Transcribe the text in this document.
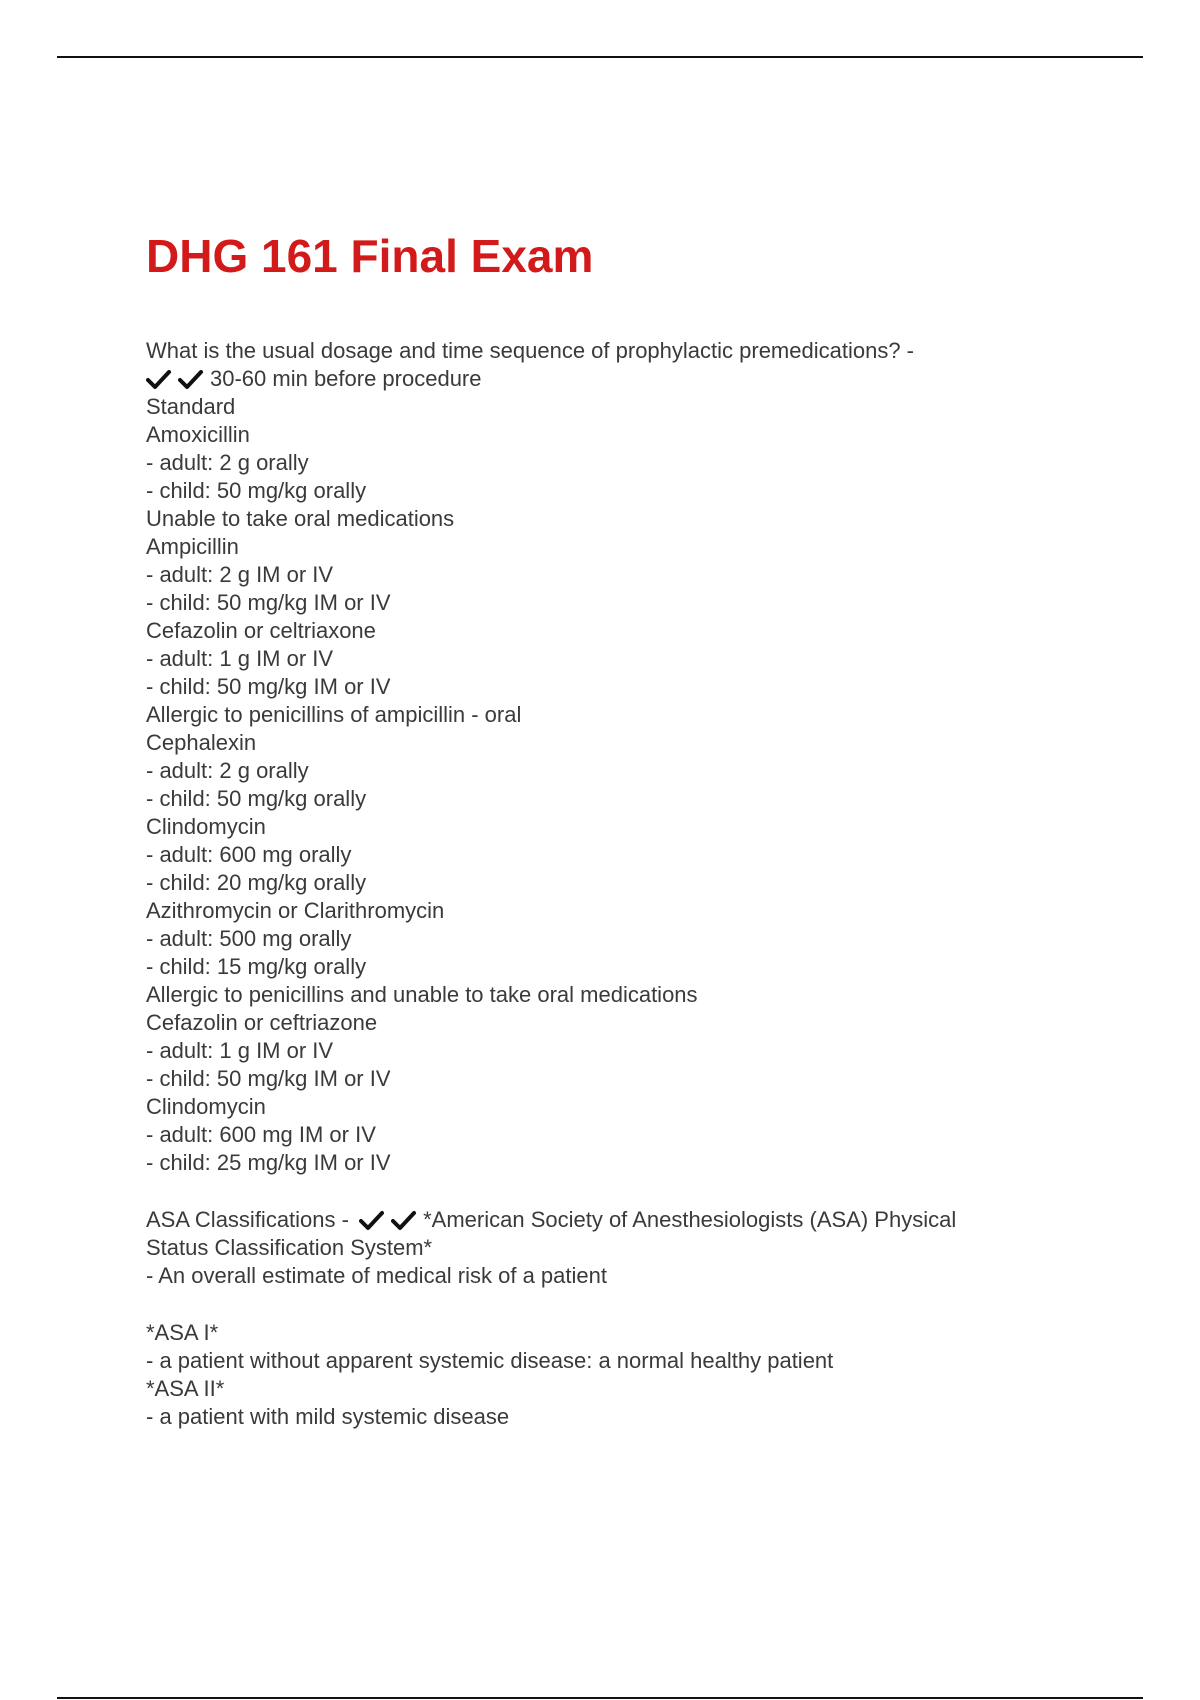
DHG 161 Final Exam
What is the usual dosage and time sequence of prophylactic premedications? -
30-60 min before procedure
Standard
Amoxicillin
- adult: 2 g orally
- child: 50 mg/kg orally
Unable to take oral medications
Ampicillin
- adult: 2 g IM or IV
- child: 50 mg/kg IM or IV
Cefazolin or celtriaxone
- adult: 1 g IM or IV
- child: 50 mg/kg IM or IV
Allergic to penicillins of ampicillin - oral
Cephalexin
- adult: 2 g orally
- child: 50 mg/kg orally
Clindomycin
- adult: 600 mg orally
- child: 20 mg/kg orally
Azithromycin or Clarithromycin
- adult: 500 mg orally
- child: 15 mg/kg orally
Allergic to penicillins and unable to take oral medications
Cefazolin or ceftriazone
- adult: 1 g IM or IV
- child: 50 mg/kg IM or IV
Clindomycin
- adult: 600 mg IM or IV
- child: 25 mg/kg IM or IV
ASA Classifications -	*American Society of Anesthesiologists (ASA) Physical
Status Classification System*
- An overall estimate of medical risk of a patient
*ASA I*
- a patient without apparent systemic disease: a normal healthy patient
*ASA II*
- a patient with mild systemic disease
